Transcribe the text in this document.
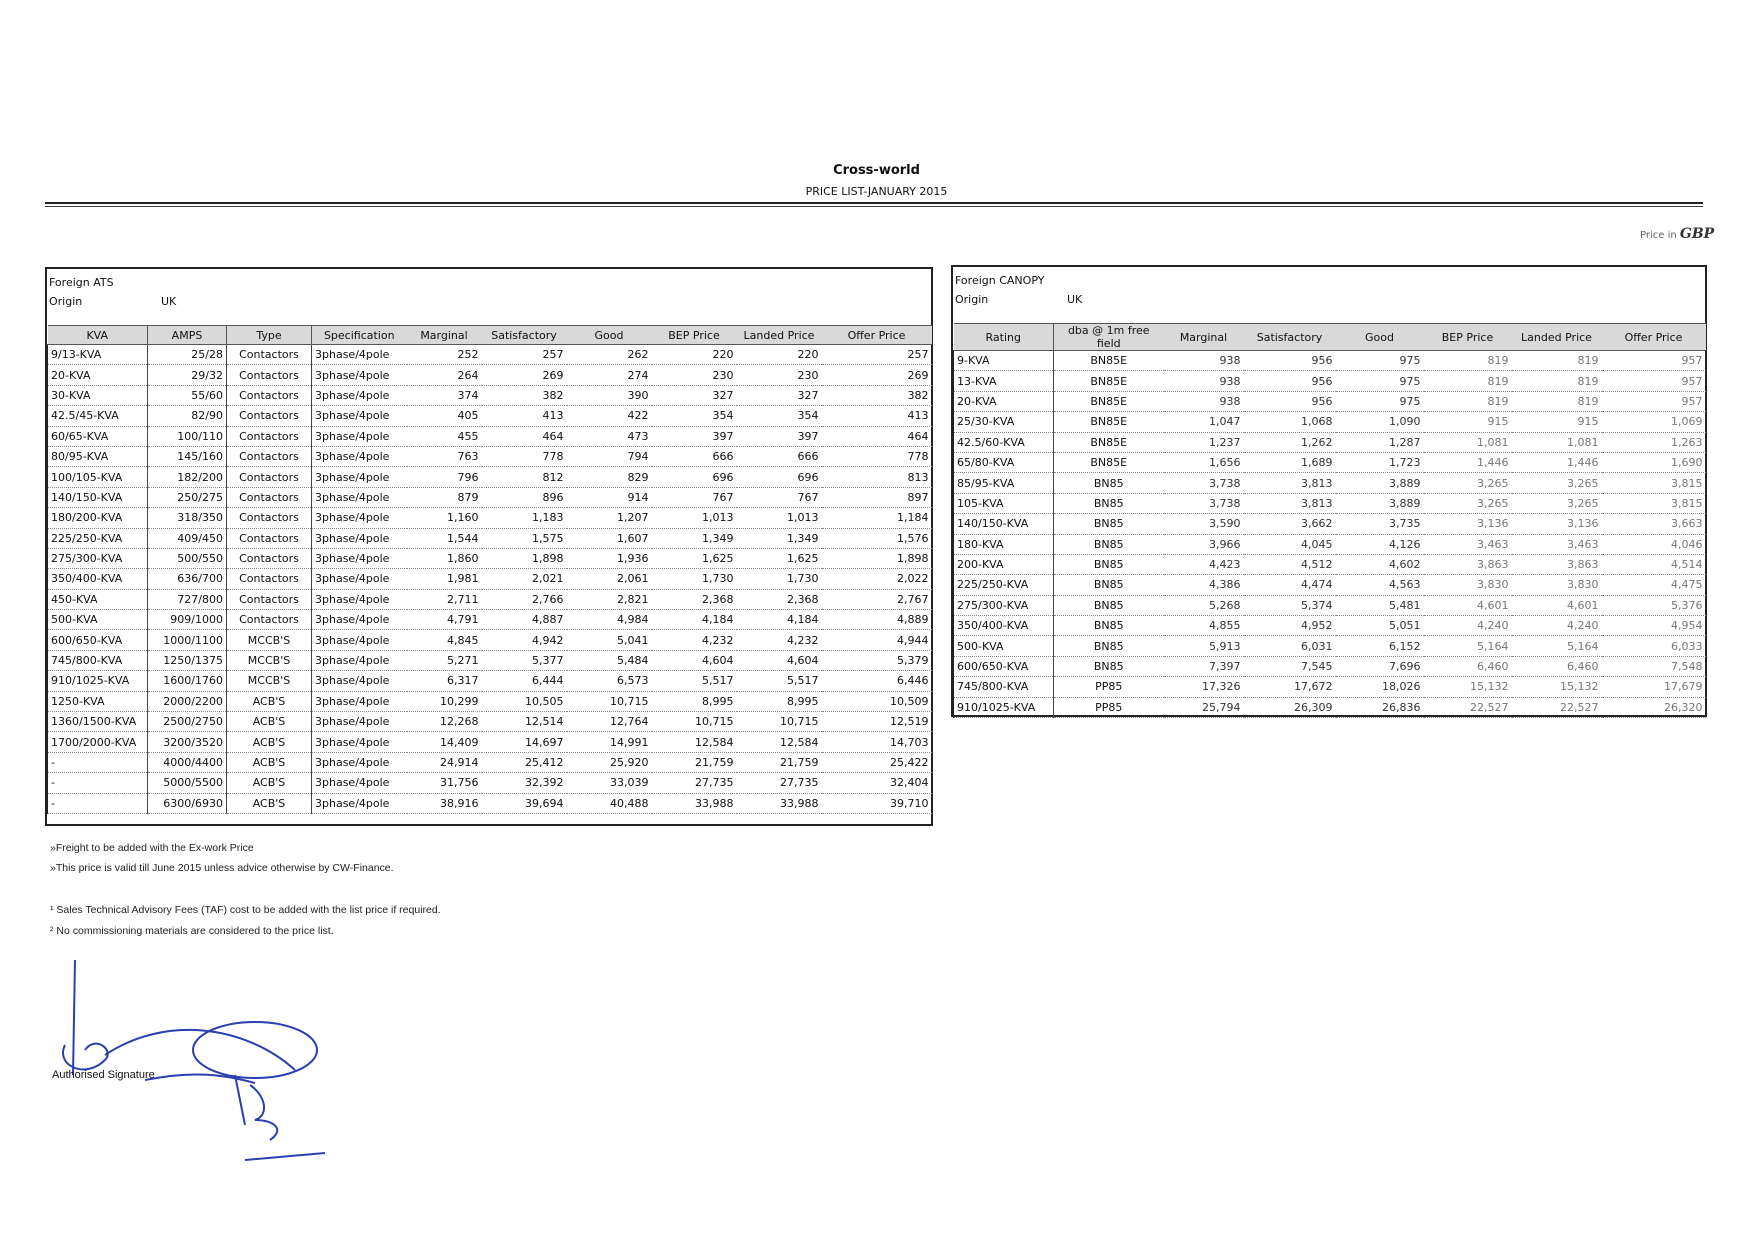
Cross-world
PRICE LIST-JANUARY 2015
Price in GBP
Foreign ATS
Origin	UK
KVA	AMPS	Type	Specification	Marginal	Satisfactory	Good	BEP Price	Landed Price	Offer Price
9/13-KVA	25/28	Contactors	3phase/4pole	252	257	262	220	220	257
20-KVA	29/32	Contactors	3phase/4pole	264	269	274	230	230	269
30-KVA	55/60	Contactors	3phase/4pole	374	382	390	327	327	382
42.5/45-KVA	82/90	Contactors	3phase/4pole	405	413	422	354	354	413
60/65-KVA	100/110	Contactors	3phase/4pole	455	464	473	397	397	464
80/95-KVA	145/160	Contactors	3phase/4pole	763	778	794	666	666	778
100/105-KVA	182/200	Contactors	3phase/4pole	796	812	829	696	696	813
140/150-KVA	250/275	Contactors	3phase/4pole	879	896	914	767	767	897
180/200-KVA	318/350	Contactors	3phase/4pole	1,160	1,183	1,207	1,013	1,013	1,184
225/250-KVA	409/450	Contactors	3phase/4pole	1,544	1,575	1,607	1,349	1,349	1,576
275/300-KVA	500/550	Contactors	3phase/4pole	1,860	1,898	1,936	1,625	1,625	1,898
350/400-KVA	636/700	Contactors	3phase/4pole	1,981	2,021	2,061	1,730	1,730	2,022
450-KVA	727/800	Contactors	3phase/4pole	2,711	2,766	2,821	2,368	2,368	2,767
500-KVA	909/1000	Contactors	3phase/4pole	4,791	4,887	4,984	4,184	4,184	4,889
600/650-KVA	1000/1100	MCCB'S	3phase/4pole	4,845	4,942	5,041	4,232	4,232	4,944
745/800-KVA	1250/1375	MCCB'S	3phase/4pole	5,271	5,377	5,484	4,604	4,604	5,379
910/1025-KVA	1600/1760	MCCB'S	3phase/4pole	6,317	6,444	6,573	5,517	5,517	6,446
1250-KVA	2000/2200	ACB'S	3phase/4pole	10,299	10,505	10,715	8,995	8,995	10,509
1360/1500-KVA	2500/2750	ACB'S	3phase/4pole	12,268	12,514	12,764	10,715	10,715	12,519
1700/2000-KVA	3200/3520	ACB'S	3phase/4pole	14,409	14,697	14,991	12,584	12,584	14,703
-	4000/4400	ACB'S	3phase/4pole	24,914	25,412	25,920	21,759	21,759	25,422
-	5000/5500	ACB'S	3phase/4pole	31,756	32,392	33,039	27,735	27,735	32,404
-	6300/6930	ACB'S	3phase/4pole	38,916	39,694	40,488	33,988	33,988	39,710
Foreign CANOPY
Origin	UK
Rating	dba @ 1m free field	Marginal	Satisfactory	Good	BEP Price	Landed Price	Offer Price
9-KVA	BN85E	938	956	975	819	819	957
13-KVA	BN85E	938	956	975	819	819	957
20-KVA	BN85E	938	956	975	819	819	957
25/30-KVA	BN85E	1,047	1,068	1,090	915	915	1,069
42.5/60-KVA	BN85E	1,237	1,262	1,287	1,081	1,081	1,263
65/80-KVA	BN85E	1,656	1,689	1,723	1,446	1,446	1,690
85/95-KVA	BN85	3,738	3,813	3,889	3,265	3,265	3,815
105-KVA	BN85	3,738	3,813	3,889	3,265	3,265	3,815
140/150-KVA	BN85	3,590	3,662	3,735	3,136	3,136	3,663
180-KVA	BN85	3,966	4,045	4,126	3,463	3,463	4,046
200-KVA	BN85	4,423	4,512	4,602	3,863	3,863	4,514
225/250-KVA	BN85	4,386	4,474	4,563	3,830	3,830	4,475
275/300-KVA	BN85	5,268	5,374	5,481	4,601	4,601	5,376
350/400-KVA	BN85	4,855	4,952	5,051	4,240	4,240	4,954
500-KVA	BN85	5,913	6,031	6,152	5,164	5,164	6,033
600/650-KVA	BN85	7,397	7,545	7,696	6,460	6,460	7,548
745/800-KVA	PP85	17,326	17,672	18,026	15,132	15,132	17,679
910/1025-KVA	PP85	25,794	26,309	26,836	22,527	22,527	26,320
»Freight to be added with the Ex-work Price
»This price is valid till June 2015 unless advice otherwise by CW-Finance.
¹ Sales Technical Advisory Fees (TAF) cost to be added with the list price if required.
² No commissioning materials are considered to the price list.
Authorised Signature
